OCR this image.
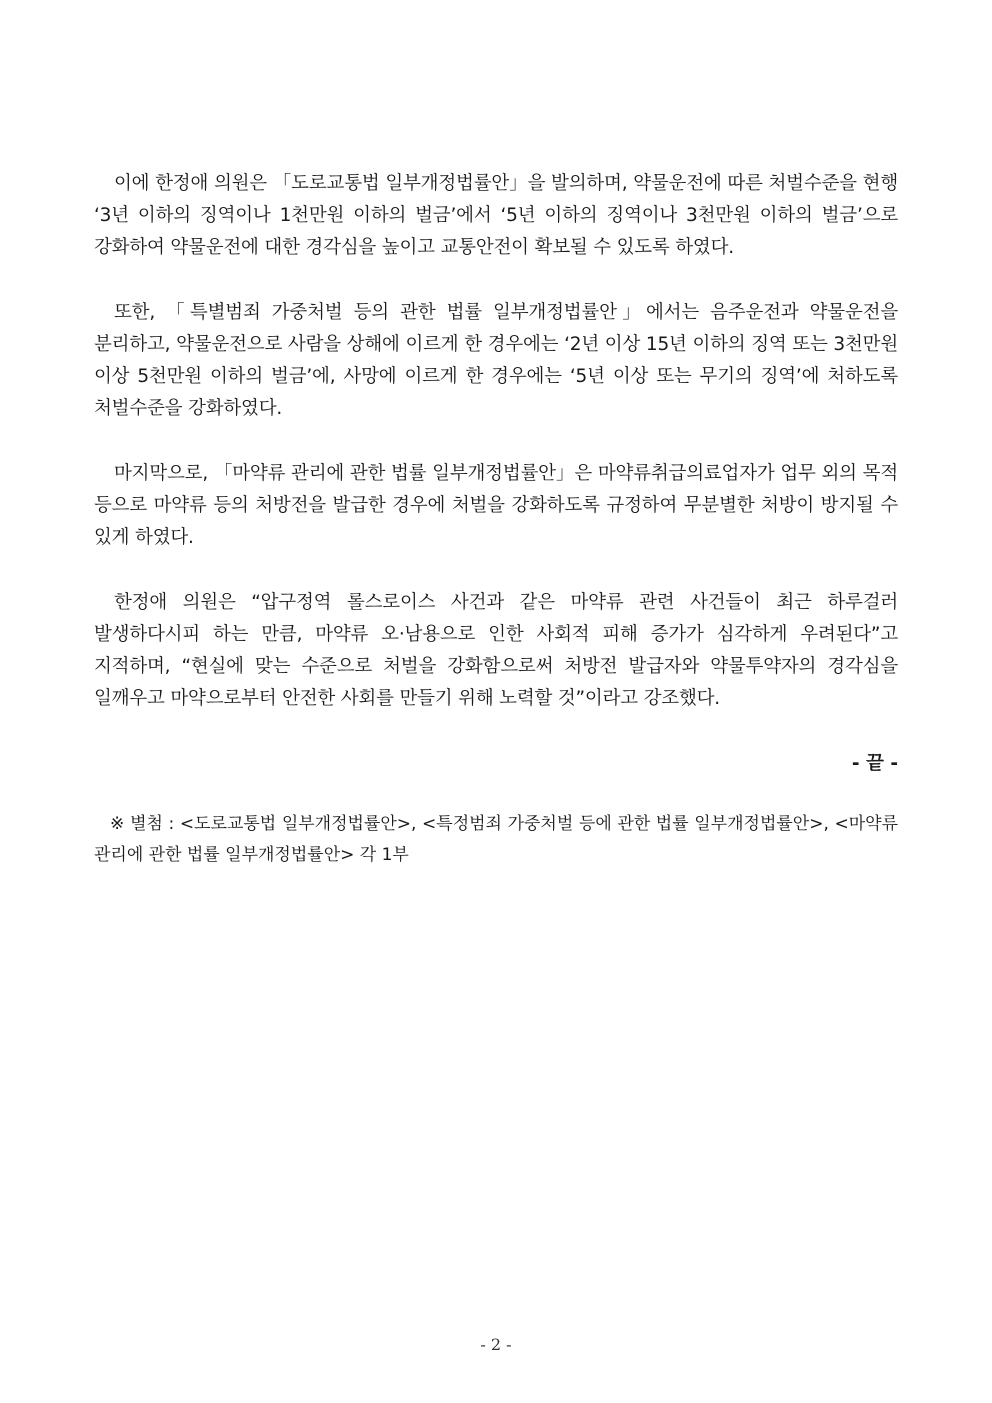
이에 한정애 의원은 「도로교통법 일부개정법률안」을 발의하며, 약물운전에 따른 처벌수준을 현행 ‘3년 이하의 징역이나 1천만원 이하의 벌금’에서 ‘5년 이하의 징역이나 3천만원 이하의 벌금’으로 강화하여 약물운전에 대한 경각심을 높이고 교통안전이 확보될 수 있도록 하였다.

또한, 「특별범죄 가중처벌 등의 관한 법률 일부개정법률안」에서는 음주운전과 약물운전을 분리하고, 약물운전으로 사람을 상해에 이르게 한 경우에는 ‘2년 이상 15년 이하의 징역 또는 3천만원 이상 5천만원 이하의 벌금’에, 사망에 이르게 한 경우에는 ‘5년 이상 또는 무기의 징역’에 처하도록 처벌수준을 강화하였다.

마지막으로, 「마약류 관리에 관한 법률 일부개정법률안」은 마약류취급의료업자가 업무 외의 목적 등으로 마약류 등의 처방전을 발급한 경우에 처벌을 강화하도록 규정하여 무분별한 처방이 방지될 수 있게 하였다.

한정애 의원은 “압구정역 롤스로이스 사건과 같은 마약류 관련 사건들이 최근 하루걸러 발생하다시피 하는 만큼, 마약류 오·남용으로 인한 사회적 피해 증가가 심각하게 우려된다”고 지적하며, “현실에 맞는 수준으로 처벌을 강화함으로써 처방전 발급자와 약물투약자의 경각심을 일깨우고 마약으로부터 안전한 사회를 만들기 위해 노력할 것”이라고 강조했다.

- 끝 -

※ 별첨 : <도로교통법 일부개정법률안>, <특정범죄 가중처벌 등에 관한 법률 일부개정법률안>, <마약류 관리에 관한 법률 일부개정법률안> 각 1부

- 2 -
